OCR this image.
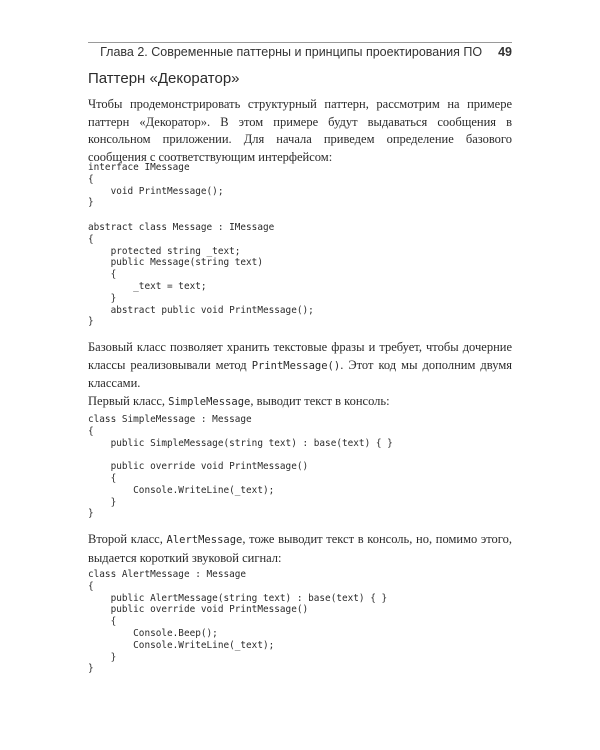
Глава 2. Современные паттерны и принципы проектирования ПО 49
Паттерн «Декоратор»

Чтобы продемонстрировать структурный паттерн, рассмотрим на примере паттерн «Декоратор». В этом примере будут выдаваться сообщения в консольном приложении. Для начала приведем определение базового сообщения с соответствующим интерфейсом:

interface IMessage
{
void PrintMessage();
}
abstract class Message : IMessage
{
protected string _text;
public Message(string text)
{
_text = text;
}
abstract public void PrintMessage();
}

Базовый класс позволяет хранить текстовые фразы и требует, чтобы дочерние классы реализовывали метод PrintMessage(). Этот код мы дополним двумя классами.

Первый класс, SimpleMessage, выводит текст в консоль:

class SimpleMessage : Message
{
public SimpleMessage(string text) : base(text) { }
public override void PrintMessage()
{
Console.WriteLine(_text);
}
}

Второй класс, AlertMessage, тоже выводит текст в консоль, но, помимо этого, выдается короткий звуковой сигнал:

class AlertMessage : Message
{
public AlertMessage(string text) : base(text) { }
public override void PrintMessage()
{
Console.Beep();
Console.WriteLine(_text);
}
}
